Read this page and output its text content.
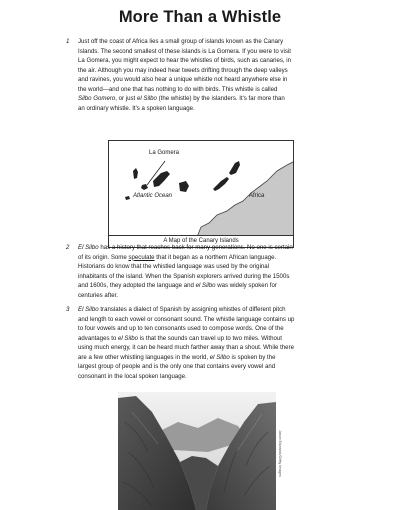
More Than a Whistle
1 Just off the coast of Africa lies a small group of islands known as the Canary
Islands. The second smallest of these islands is La Gomera. If you were to visit
La Gomera, you might expect to hear the whistles of birds, such as canaries, in
the air. Although you may indeed hear tweets drifting through the deep valleys
and ravines, you would also hear a unique whistle not heard anywhere else in
the world—and one that has nothing to do with birds. This whistle is called
Silbo Gomero, or just el Silbo (the whistle) by the islanders. It's far more than
an ordinary whistle. It's a spoken language.
La Gomera
Atlantic Ocean	Africa
A Map of the Canary Islands
2 El Silbo has a history that reaches back for many generations. No one is certain
of its origin. Some speculate that it began as a northern African language.
Historians do know that the whistled language was used by the original
inhabitants of the island. When the Spanish explorers arrived during the 1500s
and 1600s, they adopted the language and el Silbo was widely spoken for
centuries after.
3 El Silbo translates a dialect of Spanish by assigning whistles of different pitch
and length to each vowel or consonant sound. The whistle language contains up
to four vowels and up to ten consonants used to compose words. One of the
advantages to el Silbo is that the sounds can travel up to two miles. Without
using much energy, it can be heard much farther away than a shout. While there
are a few other whistling languages in the world, el Silbo is spoken by the
largest group of people and is the only one that contains every vowel and
consonant in the local spoken language.
Jason Edwards/Getty Images
